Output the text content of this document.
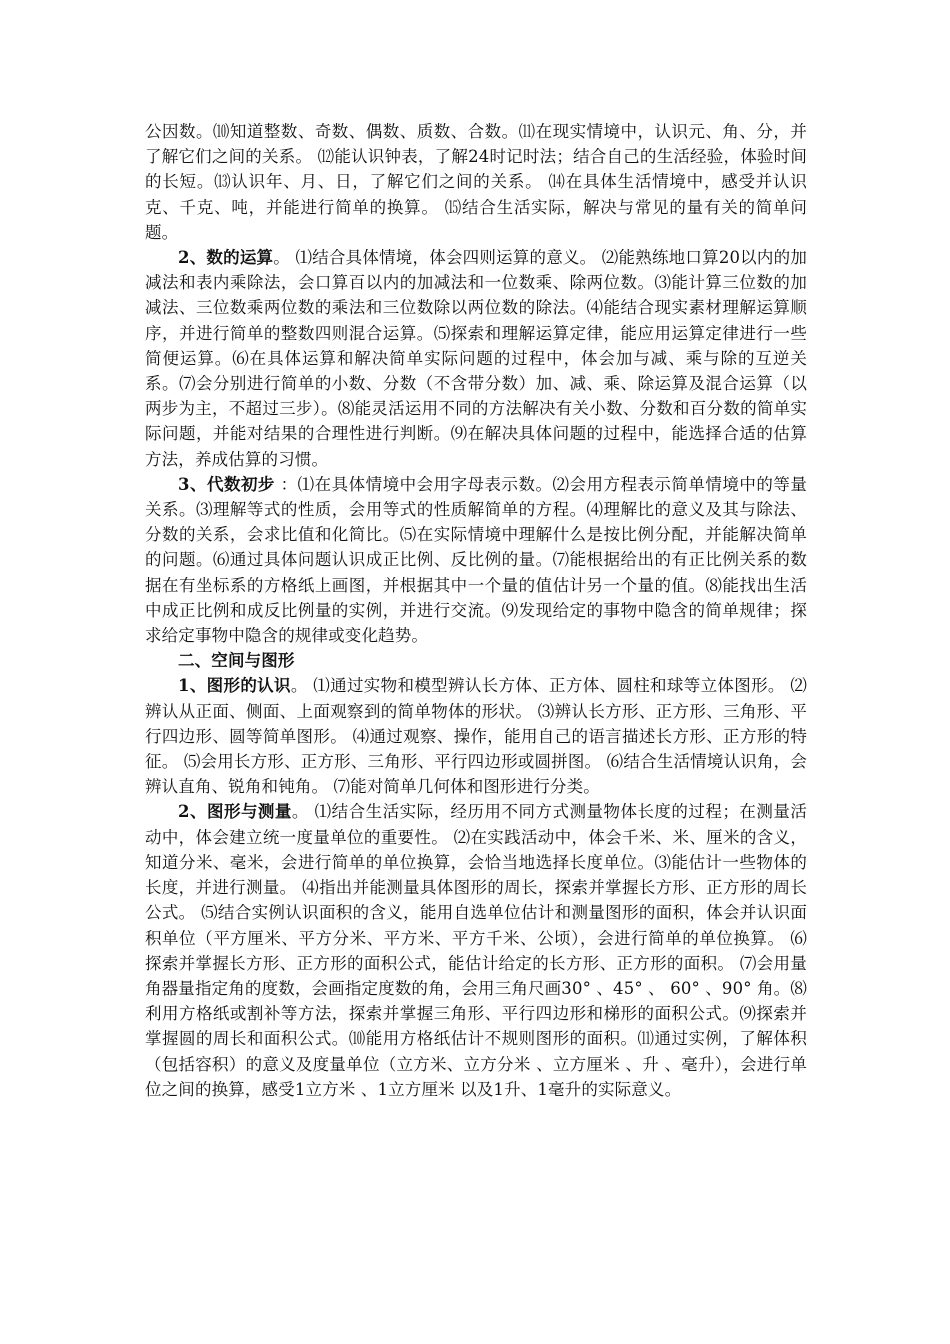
公因数。⑽知道整数、奇数、偶数、质数、合数。⑾在现实情境中，认识元、角、分，并了解它们之间的关系。 ⑿能认识钟表，了解24时记时法；结合自己的生活经验，体验时间的长短。⒀认识年、月、日，了解它们之间的关系。 ⒁在具体生活情境中，感受并认识克、千克、吨，并能进行简单的换算。 ⒂结合生活实际，解决与常见的量有关的简单问题。

2、数的运算。 ⑴结合具体情境，体会四则运算的意义。 ⑵能熟练地口算20以内的加减法和表内乘除法，会口算百以内的加减法和一位数乘、除两位数。⑶能计算三位数的加减法、三位数乘两位数的乘法和三位数除以两位数的除法。⑷能结合现实素材理解运算顺序，并进行简单的整数四则混合运算。⑸探索和理解运算定律，能应用运算定律进行一些简便运算。⑹在具体运算和解决简单实际问题的过程中，体会加与减、乘与除的互逆关系。⑺会分别进行简单的小数、分数（不含带分数）加、减、乘、除运算及混合运算（以两步为主，不超过三步）。⑻能灵活运用不同的方法解决有关小数、分数和百分数的简单实际问题，并能对结果的合理性进行判断。⑼在解决具体问题的过程中，能选择合适的估算方法，养成估算的习惯。

3、代数初步 ：⑴在具体情境中会用字母表示数。⑵会用方程表示简单情境中的等量关系。⑶理解等式的性质，会用等式的性质解简单的方程。⑷理解比的意义及其与除法、分数的关系，会求比值和化简比。⑸在实际情境中理解什么是按比例分配，并能解决简单的问题。⑹通过具体问题认识成正比例、反比例的量。⑺能根据给出的有正比例关系的数据在有坐标系的方格纸上画图，并根据其中一个量的值估计另一个量的值。⑻能找出生活中成正比例和成反比例量的实例，并进行交流。⑼发现给定的事物中隐含的简单规律；探求给定事物中隐含的规律或变化趋势。

二、空间与图形

1、图形的认识。 ⑴通过实物和模型辨认长方体、正方体、圆柱和球等立体图形。 ⑵辨认从正面、侧面、上面观察到的简单物体的形状。 ⑶辨认长方形、正方形、三角形、平行四边形、圆等简单图形。 ⑷通过观察、操作，能用自己的语言描述长方形、正方形的特征。 ⑸会用长方形、正方形、三角形、平行四边形或圆拼图。 ⑹结合生活情境认识角，会辨认直角、锐角和钝角。 ⑺能对简单几何体和图形进行分类。

2、图形与测量。 ⑴结合生活实际，经历用不同方式测量物体长度的过程；在测量活动中，体会建立统一度量单位的重要性。 ⑵在实践活动中，体会千米、米、厘米的含义，知道分米、毫米，会进行简单的单位换算，会恰当地选择长度单位。⑶能估计一些物体的长度，并进行测量。 ⑷指出并能测量具体图形的周长，探索并掌握长方形、正方形的周长公式。 ⑸结合实例认识面积的含义，能用自选单位估计和测量图形的面积，体会并认识面积单位（平方厘米、平方分米、平方米、平方千米、公顷），会进行简单的单位换算。 ⑹探索并掌握长方形、正方形的面积公式，能估计给定的长方形、正方形的面积。 ⑺会用量角器量指定角的度数，会画指定度数的角，会用三角尺画30° 、45° 、 60° 、90° 角。⑻利用方格纸或割补等方法，探索并掌握三角形、平行四边形和梯形的面积公式。⑼探索并掌握圆的周长和面积公式。⑽能用方格纸估计不规则图形的面积。⑾通过实例，了解体积（包括容积）的意义及度量单位（立方米、立方分米 、立方厘米 、升 、毫升），会进行单位之间的换算，感受1立方米 、1立方厘米 以及1升、1毫升的实际意义。
